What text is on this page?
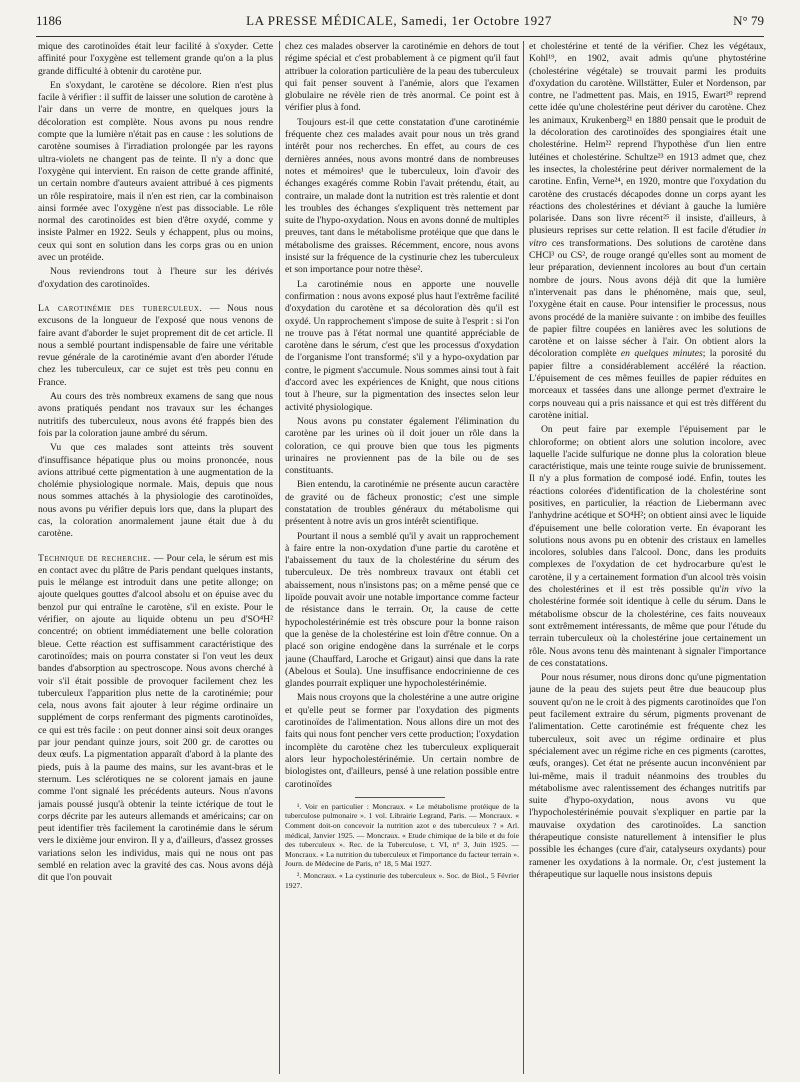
1186	LA PRESSE MÉDICALE, Samedi, 1er Octobre 1927	N° 79

mique des carotinoïdes était leur facilité à s'oxyder. Cette affinité pour l'oxygène est tellement grande qu'on a la plus grande difficulté à obtenir du carotène pur.

En s'oxydant, le carotène se décolore. Rien n'est plus facile à vérifier : il suffit de laisser une solution de carotène à l'air dans un verre de montre, en quelques jours la décoloration est complète. Nous avons pu nous rendre compte que la lumière n'était pas en cause : les solutions de carotène soumises à l'irradiation prolongée par les rayons ultra-violets ne changent pas de teinte. Il n'y a donc que l'oxygène qui intervient. En raison de cette grande affinité, un certain nombre d'auteurs avaient attribué à ces pigments un rôle respiratoire, mais il n'en est rien, car la combinaison ainsi formée avec l'oxygène n'est pas dissociable. Le rôle normal des carotinoïdes est bien d'être oxydé, comme y insiste Palmer en 1922. Seuls y échappent, plus ou moins, ceux qui sont en solution dans les corps gras ou en union avec un protéide.

Nous reviendrons tout à l'heure sur les dérivés d'oxydation des carotinoïdes.

La carotinémie des tuberculeux. — Nous nous excusons de la longueur de l'exposé que nous venons de faire avant d'aborder le sujet proprement dit de cet article. Il nous a semblé pourtant indispensable de faire une véritable revue générale de la carotinémie avant d'en aborder l'étude chez les tuberculeux, car ce sujet est très peu connu en France.

Au cours des très nombreux examens de sang que nous avons pratiqués pendant nos travaux sur les échanges nutritifs des tuberculeux, nous avons été frappés bien des fois par la coloration jaune ambré du sérum.

Vu que ces malades sont atteints très souvent d'insuffisance hépatique plus ou moins prononcée, nous avions attribué cette pigmentation à une augmentation de la cholémie physiologique normale. Mais, depuis que nous nous sommes attachés à la physiologie des carotinoïdes, nous avons pu vérifier depuis lors que, dans la plupart des cas, la coloration anormalement jaune était due à du carotène.

Technique de recherche. — Pour cela, le sérum est mis en contact avec du plâtre de Paris pendant quelques instants, puis le mélange est introduit dans une petite allonge; on ajoute quelques gouttes d'alcool absolu et on épuise avec du benzol pur qui entraîne le carotène, s'il en existe. Pour le vérifier, on ajoute au liquide obtenu un peu d'SO⁴H² concentré; on obtient immédiatement une belle coloration bleue. Cette réaction est suffisamment caractéristique des carotinoïdes; mais on pourra constater si l'on veut les deux bandes d'absorption au spectroscope. Nous avons cherché à voir s'il était possible de provoquer facilement chez les tuberculeux l'apparition plus nette de la carotinémie; pour cela, nous avons fait ajouter à leur régime ordinaire un supplément de corps renfermant des pigments carotinoïdes, ce qui est très facile : on peut donner ainsi soit deux oranges par jour pendant quinze jours, soit 200 gr. de carottes ou deux œufs. La pigmentation apparaît d'abord à la plante des pieds, puis à la paume des mains, sur les avant-bras et le sternum. Les sclérotiques ne se colorent jamais en jaune comme l'ont signalé les précédents auteurs. Nous n'avons jamais poussé jusqu'à obtenir la teinte ictérique de tout le corps décrite par les auteurs allemands et américains; car on peut identifier très facilement la carotinémie dans le sérum vers le dixième jour environ. Il y a, d'ailleurs, d'assez grosses variations selon les individus, mais qui ne nous ont pas semblé en relation avec la gravité des cas. Nous avons déjà dit que l'on pouvait

chez ces malades observer la carotinémie en dehors de tout régime spécial et c'est probablement à ce pigment qu'il faut attribuer la coloration particulière de la peau des tuberculeux qui fait penser souvent à l'anémie, alors que l'examen globulaire ne révèle rien de très anormal. Ce point est à vérifier plus à fond.

Toujours est-il que cette constatation d'une carotinémie fréquente chez ces malades avait pour nous un très grand intérêt pour nos recherches. En effet, au cours de ces dernières années, nous avons montré dans de nombreuses notes et mémoires¹ que le tuberculeux, loin d'avoir des échanges exagérés comme Robin l'avait prétendu, était, au contraire, un malade dont la nutrition est très ralentie et dont les troubles des échanges s'expliquent très nettement par suite de l'hypo-oxydation. Nous en avons donné de multiples preuves, tant dans le métabolisme protéique que que dans le métabolisme des graisses. Récemment, encore, nous avons insisté sur la fréquence de la cystinurie chez les tuberculeux et son importance pour notre thèse².

La carotinémie nous en apporte une nouvelle confirmation : nous avons exposé plus haut l'extrême facilité d'oxydation du carotène et sa décoloration dès qu'il est oxydé. Un rapprochement s'impose de suite à l'esprit : si l'on ne trouve pas à l'état normal une quantité appréciable de carotène dans le sérum, c'est que les processus d'oxydation de l'organisme l'ont transformé; s'il y a hypo-oxydation par contre, le pigment s'accumule. Nous sommes ainsi tout à fait d'accord avec les expériences de Knight, que nous citions tout à l'heure, sur la pigmentation des insectes selon leur activité physiologique.

Nous avons pu constater également l'élimination du carotène par les urines où il doit jouer un rôle dans la coloration, ce qui prouve bien que tous les pigments urinaires ne proviennent pas de la bile ou de ses constituants.

Bien entendu, la carotinémie ne présente aucun caractère de gravité ou de fâcheux pronostic; c'est une simple constatation de troubles généraux du métabolisme qui présentent à notre avis un gros intérêt scientifique.

Pourtant il nous a semblé qu'il y avait un rapprochement à faire entre la non-oxydation d'une partie du carotène et l'abaissement du taux de la cholestérine du sérum des tuberculeux. De très nombreux travaux ont établi cet abaissement, nous n'insistons pas; on a même pensé que ce lipoïde pouvait avoir une notable importance comme facteur de résistance dans le terrain. Or, la cause de cette hypocholestérinémie est très obscure pour la bonne raison que la genèse de la cholestérine est loin d'être connue. On a placé son origine endogène dans la surrénale et le corps jaune (Chauffard, Laroche et Grigaut) ainsi que dans la rate (Abelous et Soula). Une insuffisance endocrinienne de ces glandes pourrait expliquer une hypocholestérinémie.

Mais nous croyons que la cholestérine a une autre origine et qu'elle peut se former par l'oxydation des pigments carotinoïdes de l'alimentation. Nous allons dire un mot des faits qui nous font pencher vers cette production; l'oxydation incomplète du carotène chez les tuberculeux expliquerait alors leur hypocholestérinémie. Un certain nombre de biologistes ont, d'ailleurs, pensé à une relation possible entre carotinoïdes

¹. Voir en particulier : Moncraux. « Le métabolisme protéique de la tuberculose pulmonaire ». 1 vol. Librairie Legrand, Paris. — Moncraux. « Comment doit-on concevoir la nutrition azot e des tuberculeux ? » Arl. médical, Janvier 1925. — Moncraux. « Etude chimique de la bile et du foie des tuberculeux ». Rec. de la Tuberculose, t. VI, n° 3, Juin 1925. — Moncraux. « La nutrition du tuberculeux et l'importance du facteur terrain ». Journ. de Médecine de Paris, n° 18, 5 Mai 1927.

². Moncraux. « La cystinurie des tuberculeux ». Soc. de Biol., 5 Février 1927.

et cholestérine et tenté de la vérifier. Chez les végétaux, Kohl¹⁹, en 1902, avait admis qu'une phytostérine (cholestérine végétale) se trouvait parmi les produits d'oxydation du carotène. Willstätter, Euler et Nordenson, par contre, ne l'admettent pas. Mais, en 1915, Ewart²⁰ reprend cette idée qu'une cholestérine peut dériver du carotène. Chez les animaux, Krukenberg²¹ en 1880 pensait que le produit de la décoloration des carotinoïdes des spongiaires était une cholestérine. Helm²² reprend l'hypothèse d'un lien entre lutéines et cholestérine. Schultze²³ en 1913 admet que, chez les insectes, la cholestérine peut dériver normalement de la carotine. Enfin, Verne²⁴, en 1920, montre que l'oxydation du carotène des crustacés décapodes donne un corps ayant les réactions des cholestérines et déviant à gauche la lumière polarisée. Dans son livre récent²⁵ il insiste, d'ailleurs, à plusieurs reprises sur cette relation. Il est facile d'étudier in vitro ces transformations. Des solutions de carotène dans CHCl³ ou CS², de rouge orangé qu'elles sont au moment de leur préparation, deviennent incolores au bout d'un certain nombre de jours. Nous avons déjà dit que la lumière n'intervenait pas dans le phénomène, mais que, seul, l'oxygène était en cause. Pour intensifier le processus, nous avons procédé de la manière suivante : on imbibe des feuilles de papier filtre coupées en lanières avec les solutions de carotène et on laisse sécher à l'air. On obtient alors la décoloration complète en quelques minutes; la porosité du papier filtre a considérablement accéléré la réaction. L'épuisement de ces mêmes feuilles de papier réduites en morceaux et tassées dans une allonge permet d'extraire le corps nouveau qui a pris naissance et qui est très différent du carotène initial.

On peut faire par exemple l'épuisement par le chloroforme; on obtient alors une solution incolore, avec laquelle l'acide sulfurique ne donne plus la coloration bleue caractéristique, mais une teinte rouge suivie de brunissement. Il n'y a plus formation de composé iodé. Enfin, toutes les réactions colorées d'identification de la cholestérine sont positives, en particulier, la réaction de Liebermann avec l'anhydrine acétique et SO⁴H²; on obtient ainsi avec le liquide d'épuisement une belle coloration verte. En évaporant les solutions nous avons pu en obtenir des cristaux en lamelles incolores, solubles dans l'alcool. Donc, dans les produits complexes de l'oxydation de cet hydrocarbure qu'est le carotène, il y a certainement formation d'un alcool très voisin des cholestérines et il est très possible qu'in vivo la cholestérine formée soit identique à celle du sérum. Dans le métabolisme obscur de la cholestérine, ces faits nouveaux sont extrêmement intéressants, de même que pour l'étude du terrain tuberculeux où la cholestérine joue certainement un rôle. Nous avons tenu dès maintenant à signaler l'importance de ces constatations.

Pour nous résumer, nous dirons donc qu'une pigmentation jaune de la peau des sujets peut être due beaucoup plus souvent qu'on ne le croit à des pigments carotinoïdes que l'on peut facilement extraire du sérum, pigments provenant de l'alimentation. Cette carotinémie est fréquente chez les tuberculeux, soit avec un régime ordinaire et plus spécialement avec un régime riche en ces pigments (carottes, œufs, oranges). Cet état ne présente aucun inconvénient par lui-même, mais il traduit néanmoins des troubles du métabolisme avec ralentissement des échanges nutritifs par suite d'hypo-oxydation, nous avons vu que l'hypocholestérinémie pouvait s'expliquer en partie par la mauvaise oxydation des carotinoïdes. La sanction thérapeutique consiste naturellement à intensifier le plus possible les échanges (cure d'air, catalyseurs oxydants) pour ramener les oxydations à la normale. Or, c'est justement la thérapeutique sur laquelle nous insistons depuis
